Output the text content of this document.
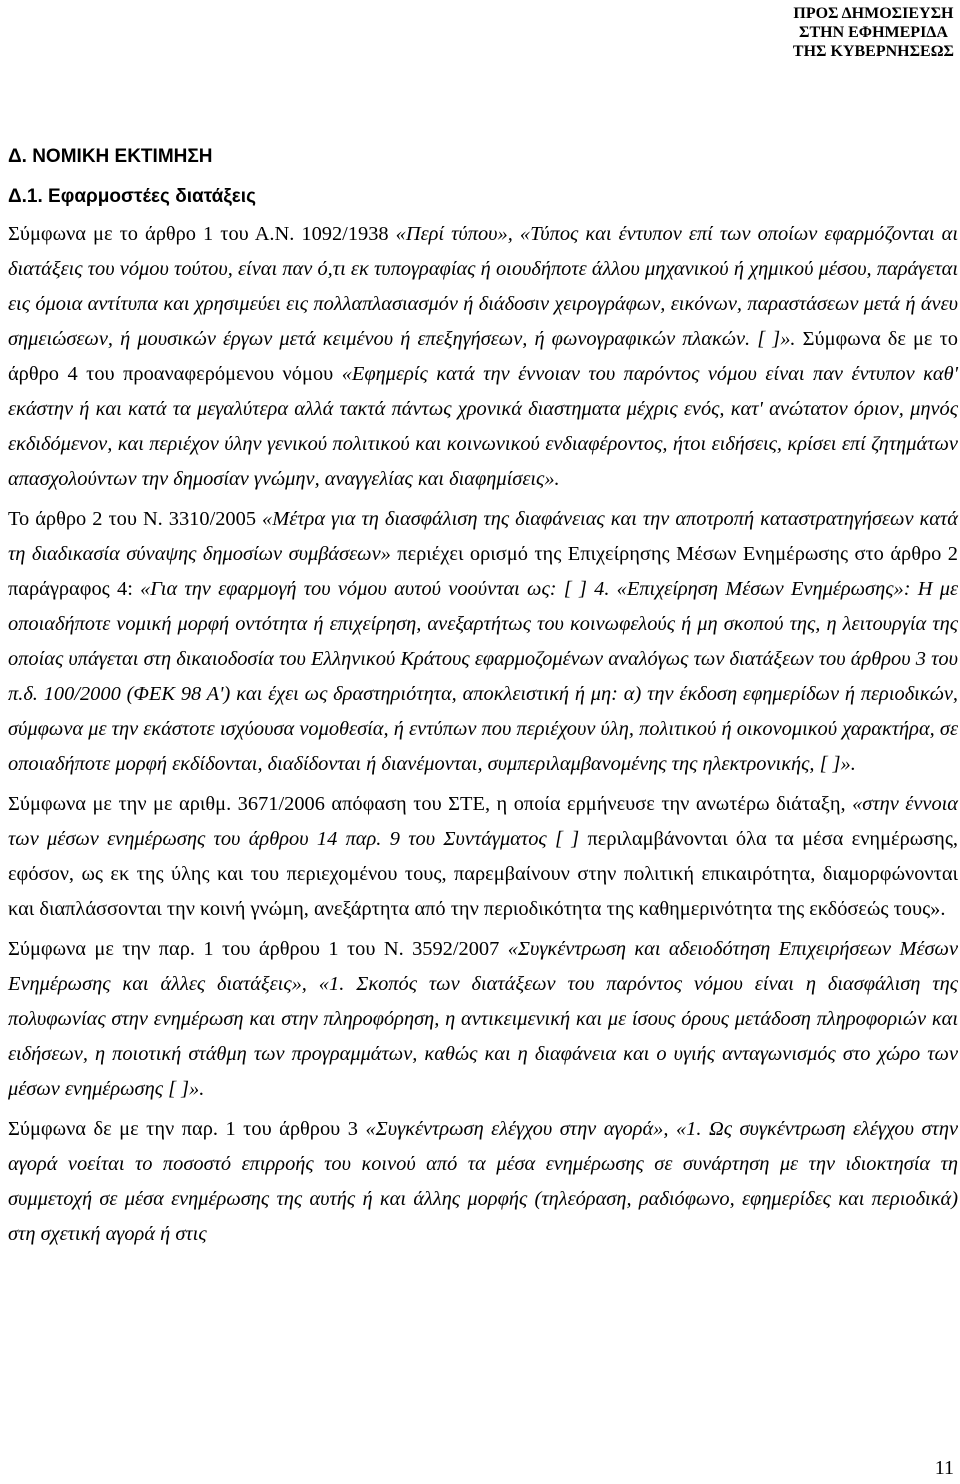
ΠΡΟΣ ΔΗΜΟΣΙΕΥΣΗ
ΣΤΗΝ ΕΦΗΜΕΡΙΔΑ
ΤΗΣ ΚΥΒΕΡΝΗΣΕΩΣ

Δ. ΝΟΜΙΚΗ ΕΚΤΙΜΗΣΗ

Δ.1. Εφαρμοστέες διατάξεις

Σύμφωνα με το άρθρο 1 του Α.Ν. 1092/1938 «Περί τύπου», «Τύπος και έντυπον επί των οποίων εφαρμόζονται αι διατάξεις του νόμου τούτου, είναι παν ό,τι εκ τυπογραφίας ή οιουδήποτε άλλου μηχανικού ή χημικού μέσου, παράγεται εις όμοια αντίτυπα και χρησιμεύει εις πολλαπλασιασμόν ή διάδοσιν χειρογράφων, εικόνων, παραστάσεων μετά ή άνευ σημειώσεων, ή μουσικών έργων μετά κειμένου ή επεξηγήσεων, ή φωνογραφικών πλακών. [ ]». Σύμφωνα δε με το άρθρο 4 του προαναφερόμενου νόμου «Εφημερίς κατά την έννοιαν του παρόντος νόμου είναι παν έντυπον καθ' εκάστην ή και κατά τα μεγαλύτερα αλλά τακτά πάντως χρονικά διαστηματα μέχρις ενός, κατ' ανώτατον όριον, μηνός εκδιδόμενον, και περιέχον ύλην γενικού πολιτικού και κοινωνικού ενδιαφέροντος, ήτοι ειδήσεις, κρίσει επί ζητημάτων απασχολούντων την δημοσίαν γνώμην, αναγγελίας και διαφημίσεις».

Το άρθρο 2 του Ν. 3310/2005 «Μέτρα για τη διασφάλιση της διαφάνειας και την αποτροπή καταστρατηγήσεων κατά τη διαδικασία σύναψης δημοσίων συμβάσεων» περιέχει ορισμό της Επιχείρησης Μέσων Ενημέρωσης στο άρθρο 2 παράγραφος 4: «Για την εφαρμογή του νόμου αυτού νοούνται ως: [ ] 4. «Επιχείρηση Μέσων Ενημέρωσης»: Η με οποιαδήποτε νομική μορφή οντότητα ή επιχείρηση, ανεξαρτήτως του κοινωφελούς ή μη σκοπού της, η λειτουργία της οποίας υπάγεται στη δικαιοδοσία του Ελληνικού Κράτους εφαρμοζομένων αναλόγως των διατάξεων του άρθρου 3 του π.δ. 100/2000 (ΦΕΚ 98 Α') και έχει ως δραστηριότητα, αποκλειστική ή μη: α) την έκδοση εφημερίδων ή περιοδικών, σύμφωνα με την εκάστοτε ισχύουσα νομοθεσία, ή εντύπων που περιέχουν ύλη, πολιτικού ή οικονομικού χαρακτήρα, σε οποιαδήποτε μορφή εκδίδονται, διαδίδονται ή διανέμονται, συμπεριλαμβανομένης της ηλεκτρονικής, [ ]».

Σύμφωνα με την με αριθμ. 3671/2006 απόφαση του ΣΤΕ, η οποία ερμήνευσε την ανωτέρω διάταξη, «στην έννοια των μέσων ενημέρωσης του άρθρου 14 παρ. 9 του Συντάγματος [ ] περιλαμβάνονται όλα τα μέσα ενημέρωσης, εφόσον, ως εκ της ύλης και του περιεχομένου τους, παρεμβαίνουν στην πολιτική επικαιρότητα, διαμορφώνονται και διαπλάσσονται την κοινή γνώμη, ανεξάρτητα από την περιοδικότητα της καθημερινότητα της εκδόσεώς τους».

Σύμφωνα με την παρ. 1 του άρθρου 1 του Ν. 3592/2007 «Συγκέντρωση και αδειοδότηση Επιχειρήσεων Μέσων Ενημέρωσης και άλλες διατάξεις», «1. Σκοπός των διατάξεων του παρόντος νόμου είναι η διασφάλιση της πολυφωνίας στην ενημέρωση και στην πληροφόρηση, η αντικειμενική και με ίσους όρους μετάδοση πληροφοριών και ειδήσεων, η ποιοτική στάθμη των προγραμμάτων, καθώς και η διαφάνεια και ο υγιής ανταγωνισμός στο χώρο των μέσων ενημέρωσης [ ]».

Σύμφωνα δε με την παρ. 1 του άρθρου 3 «Συγκέντρωση ελέγχου στην αγορά», «1. Ως συγκέντρωση ελέγχου στην αγορά νοείται το ποσοστό επιρροής του κοινού από τα μέσα ενημέρωσης σε συνάρτηση με την ιδιοκτησία τη συμμετοχή σε μέσα ενημέρωσης της αυτής ή και άλλης μορφής (τηλεόραση, ραδιόφωνο, εφημερίδες και περιοδικά) στη σχετική αγορά ή στις

11
